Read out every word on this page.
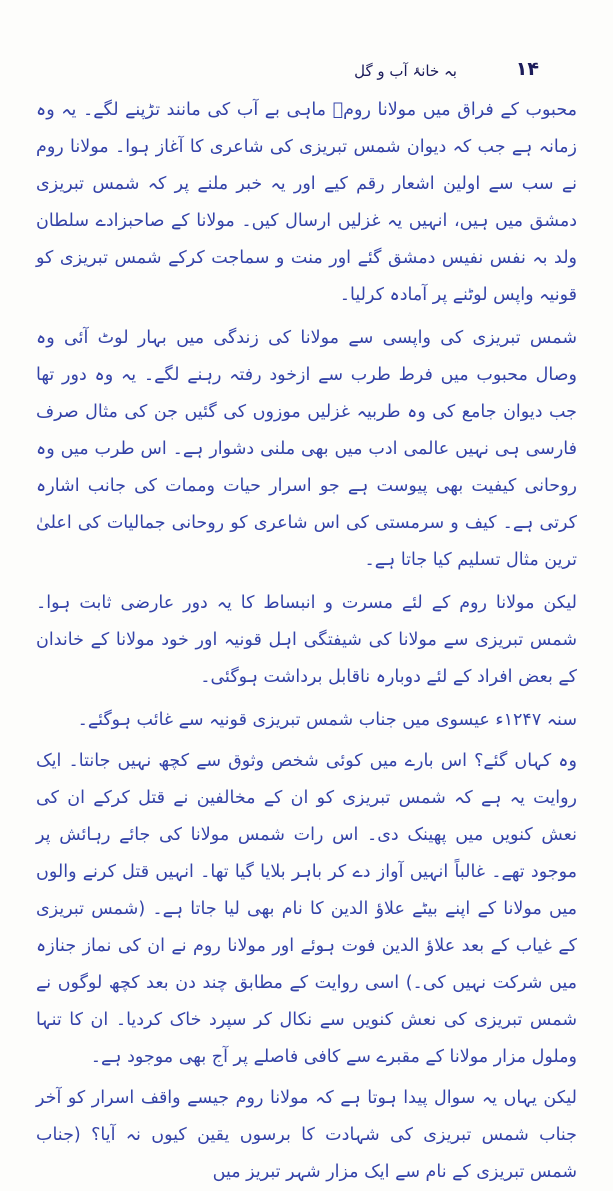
۱۴
بہ خانۂ آب و گل

محبوب کے فراق میں مولانا رومؒ ماہی بے آب کی مانند تڑپنے لگے۔ یہ وہ زمانہ ہے جب کہ دیوان شمس تبریزی کی شاعری کا آغاز ہوا۔ مولانا روم نے سب سے اولین اشعار رقم کیے اور یہ خبر ملنے پر کہ شمس تبریزی دمشق میں ہیں، انہیں یہ غزلیں ارسال کیں۔ مولانا کے صاحبزادے سلطان ولد بہ نفس نفیس دمشق گئے اور منت و سماجت کرکے شمس تبریزی کو قونیہ واپس لوٹنے پر آمادہ کرلیا۔

شمس تبریزی کی واپسی سے مولانا کی زندگی میں بہار لوٹ آئی وہ وصال محبوب میں فرط طرب سے ازخود رفتہ رہنے لگے۔ یہ وہ دور تھا جب دیوان جامع کی وہ طربیہ غزلیں موزوں کی گئیں جن کی مثال صرف فارسی ہی نہیں عالمی ادب میں بھی ملنی دشوار ہے۔ اس طرب میں وہ روحانی کیفیت بھی پیوست ہے جو اسرار حیات وممات کی جانب اشارہ کرتی ہے۔ کیف و سرمستی کی اس شاعری کو روحانی جمالیات کی اعلیٰ ترین مثال تسلیم کیا جاتا ہے۔

لیکن مولانا روم کے لئے مسرت و انبساط کا یہ دور عارضی ثابت ہوا۔ شمس تبریزی سے مولانا کی شیفتگی اہل قونیہ اور خود مولانا کے خاندان کے بعض افراد کے لئے دوبارہ ناقابل برداشت ہوگئی۔

سنہ ۱۲۴۷ء عیسوی میں جناب شمس تبریزی قونیہ سے غائب ہوگئے۔

وہ کہاں گئے؟ اس بارے میں کوئی شخص وثوق سے کچھ نہیں جانتا۔ ایک روایت یہ ہے کہ شمس تبریزی کو ان کے مخالفین نے قتل کرکے ان کی نعش کنویں میں پھینک دی۔ اس رات شمس مولانا کی جائے رہائش پر موجود تھے۔ غالباً انہیں آواز دے کر باہر بلایا گیا تھا۔ انہیں قتل کرنے والوں میں مولانا کے اپنے بیٹے علاؤ الدین کا نام بھی لیا جاتا ہے۔ (شمس تبریزی کے غیاب کے بعد علاؤ الدین فوت ہوئے اور مولانا روم نے ان کی نماز جنازہ میں شرکت نہیں کی۔) اسی روایت کے مطابق چند دن بعد کچھ لوگوں نے شمس تبریزی کی نعش کنویں سے نکال کر سپرد خاک کردیا۔ ان کا تنہا وملول مزار مولانا کے مقبرے سے کافی فاصلے پر آج بھی موجود ہے۔

لیکن یہاں یہ سوال پیدا ہوتا ہے کہ مولانا روم جیسے واقف اسرار کو آخر جناب شمس تبریزی کی شہادت کا برسوں یقین کیوں نہ آیا؟ (جناب شمس تبریزی کے نام سے ایک مزار شہر تبریز میں
